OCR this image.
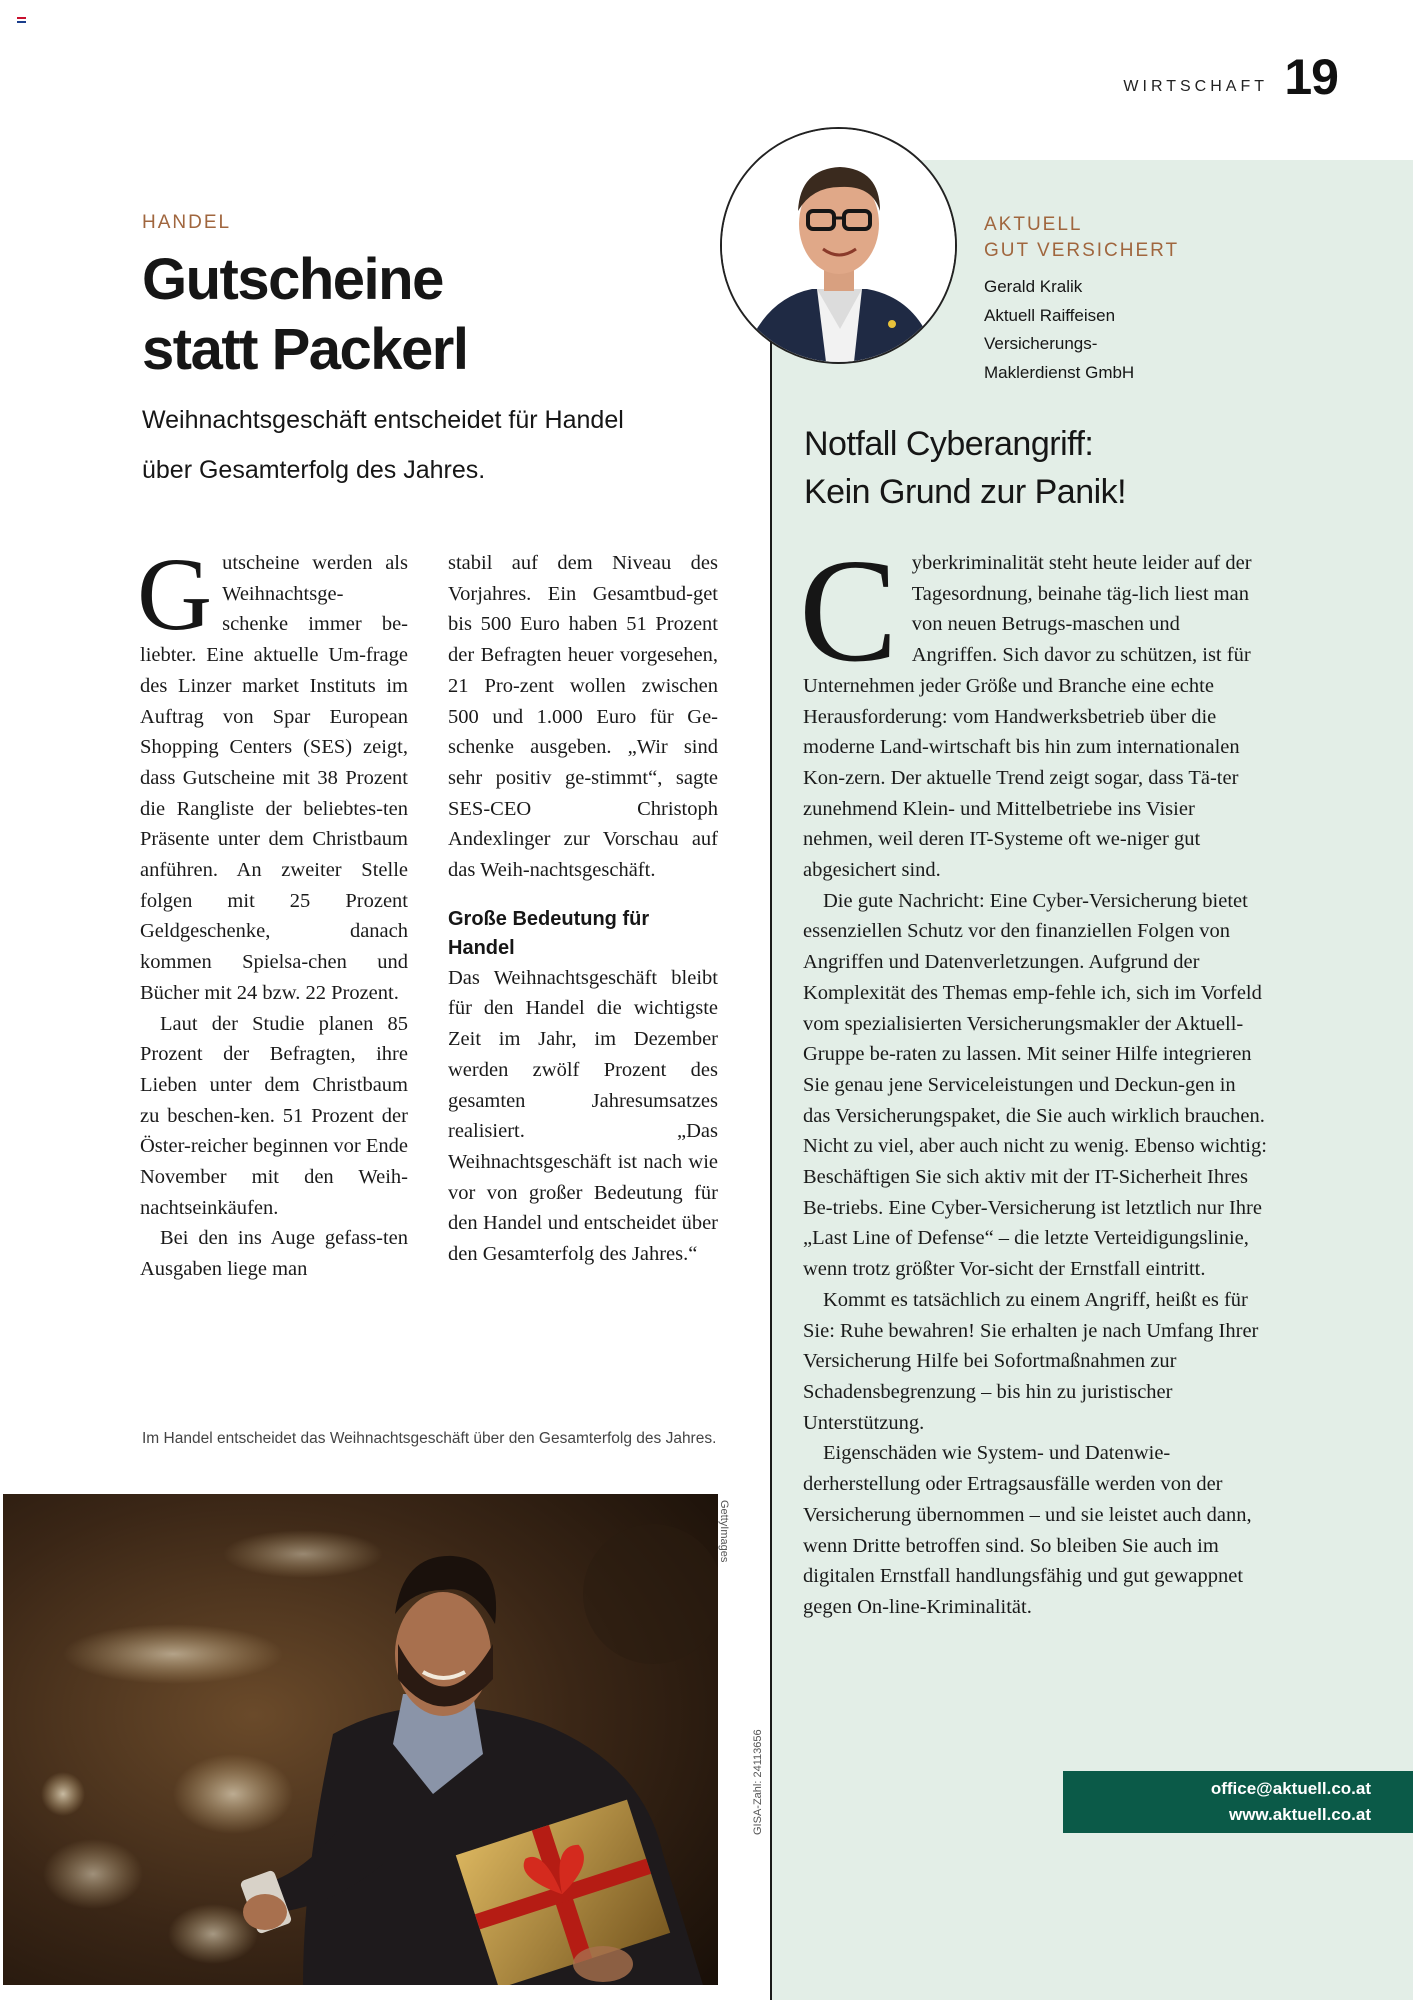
WIRTSCHAFT 19
HANDEL
Gutscheine
statt Packerl
Weihnachtsgeschäft entscheidet für Handel
über Gesamterfolg des Jahres.

Gutscheine werden als Weihnachtsge-schenke immer be-liebter. Eine aktuelle Um-frage des Linzer market Instituts im Auftrag von Spar European Shopping Centers (SES) zeigt, dass Gutscheine mit 38 Prozent die Rangliste der beliebtes-ten Präsente unter dem Christbaum anführen. An zweiter Stelle folgen mit 25 Prozent Geldgeschenke, danach kommen Spielsa-chen und Bücher mit 24 bzw. 22 Prozent.

Laut der Studie planen 85 Prozent der Befragten, ihre Lieben unter dem Christbaum zu beschen-ken. 51 Prozent der Öster-reicher beginnen vor Ende November mit den Weih-nachtseinkäufen.

Bei den ins Auge gefass-ten Ausgaben liege man

stabil auf dem Niveau des Vorjahres. Ein Gesamtbud-get bis 500 Euro haben 51 Prozent der Befragten heuer vorgesehen, 21 Pro-zent wollen zwischen 500 und 1.000 Euro für Ge-schenke ausgeben. „Wir sind sehr positiv ge-stimmt“, sagte SES-CEO Christoph Andexlinger zur Vorschau auf das Weih-nachtsgeschäft.

Große Bedeutung für Handel

Das Weihnachtsgeschäft bleibt für den Handel die wichtigste Zeit im Jahr, im Dezember werden zwölf Prozent des gesamten Jahresumsatzes realisiert. „Das Weihnachtsgeschäft ist nach wie vor von großer Bedeutung für den Handel und entscheidet über den Gesamterfolg des Jahres.“

Im Handel entscheidet das Weihnachtsgeschäft über den Gesamterfolg des Jahres.
GettyImages
GISA-Zahl: 24113656
AKTUELL
GUT VERSICHERT
Gerald Kralik
Aktuell Raiffeisen
Versicherungs-
Maklerdienst GmbH
Notfall Cyberangriff:
Kein Grund zur Panik!

Cyberkriminalität steht heute leider auf der Tagesordnung, beinahe täg-lich liest man von neuen Betrugs-maschen und Angriffen. Sich davor zu schützen, ist für Unternehmen jeder Größe und Branche eine echte Herausforderung: vom Handwerksbetrieb über die moderne Land-wirtschaft bis hin zum internationalen Kon-zern. Der aktuelle Trend zeigt sogar, dass Tä-ter zunehmend Klein- und Mittelbetriebe ins Visier nehmen, weil deren IT-Systeme oft we-niger gut abgesichert sind.

Die gute Nachricht: Eine Cyber-Versicherung bietet essenziellen Schutz vor den finanziellen Folgen von Angriffen und Datenverletzungen. Aufgrund der Komplexität des Themas emp-fehle ich, sich im Vorfeld vom spezialisierten Versicherungsmakler der Aktuell-Gruppe be-raten zu lassen. Mit seiner Hilfe integrieren Sie genau jene Serviceleistungen und Deckun-gen in das Versicherungspaket, die Sie auch wirklich brauchen. Nicht zu viel, aber auch nicht zu wenig. Ebenso wichtig: Beschäftigen Sie sich aktiv mit der IT-Sicherheit Ihres Be-triebs. Eine Cyber-Versicherung ist letztlich nur Ihre „Last Line of Defense“ – die letzte Verteidigungslinie, wenn trotz größter Vor-sicht der Ernstfall eintritt.

Kommt es tatsächlich zu einem Angriff, heißt es für Sie: Ruhe bewahren! Sie erhalten je nach Umfang Ihrer Versicherung Hilfe bei Sofortmaßnahmen zur Schadensbegrenzung – bis hin zu juristischer Unterstützung.

Eigenschäden wie System- und Datenwie-derherstellung oder Ertragsausfälle werden von der Versicherung übernommen – und sie leistet auch dann, wenn Dritte betroffen sind. So bleiben Sie auch im digitalen Ernstfall handlungsfähig und gut gewappnet gegen On-line-Kriminalität.

office@aktuell.co.at
www.aktuell.co.at
